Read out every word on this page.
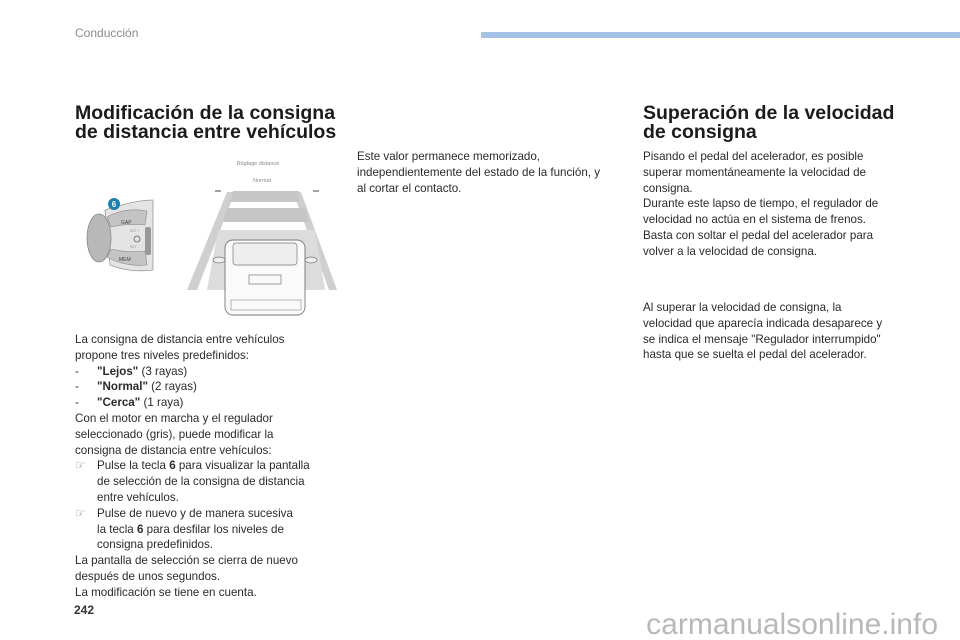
Conducción
Modificación de la consigna
de distancia entre vehículos
GAP
MEM
SET +
SET -
6
Réglage distance
Normal
La consigna de distancia entre vehículos
propone tres niveles predefinidos:
- "Lejos" (3 rayas)
- "Normal" (2 rayas)
- "Cerca" (1 raya)
Con el motor en marcha y el regulador
seleccionado (gris), puede modificar la
consigna de distancia entre vehículos:
☞ Pulse la tecla 6 para visualizar la pantalla
de selección de la consigna de distancia
entre vehículos.
☞ Pulse de nuevo y de manera sucesiva
la tecla 6 para desfilar los niveles de
consigna predefinidos.
La pantalla de selección se cierra de nuevo
después de unos segundos.
La modificación se tiene en cuenta.
Este valor permanece memorizado,
independientemente del estado de la función, y
al cortar el contacto.
Superación de la velocidad
de consigna
Pisando el pedal del acelerador, es posible
superar momentáneamente la velocidad de
consigna.
Durante este lapso de tiempo, el regulador de
velocidad no actúa en el sistema de frenos.
Basta con soltar el pedal del acelerador para
volver a la velocidad de consigna.
Al superar la velocidad de consigna, la
velocidad que aparecía indicada desaparece y
se indica el mensaje "Regulador interrumpido"
hasta que se suelta el pedal del acelerador.
242	carmanualsonline.info
